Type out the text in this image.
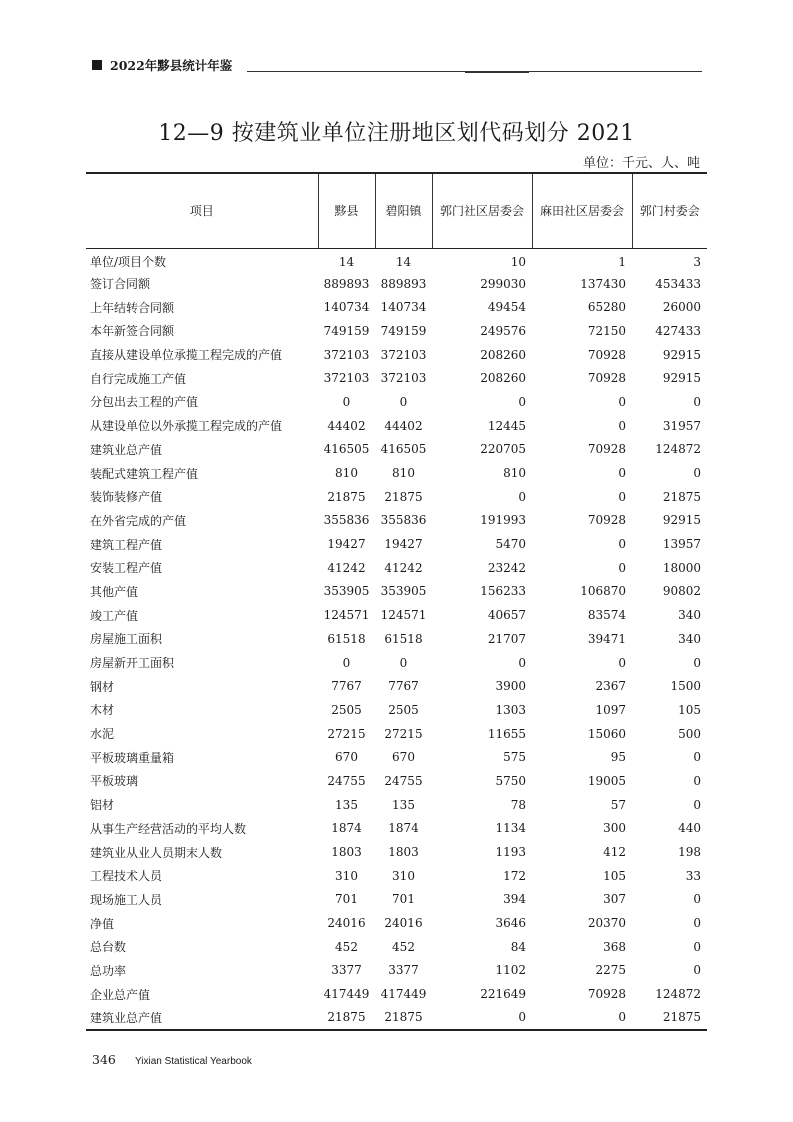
2022年黟县统计年鉴
12—9 按建筑业单位注册地区划代码划分 2021
单位：千元、人、吨
项目	黟县	碧阳镇	郭门社区居委会	麻田社区居委会	郭门村委会
单位/项目个数	14	14	10	1	3
签订合同额	889893	889893	299030	137430	453433
上年结转合同额	140734	140734	49454	65280	26000
本年新签合同额	749159	749159	249576	72150	427433
直接从建设单位承揽工程完成的产值	372103	372103	208260	70928	92915
自行完成施工产值	372103	372103	208260	70928	92915
分包出去工程的产值	0	0	0	0	0
从建设单位以外承揽工程完成的产值	44402	44402	12445	0	31957
建筑业总产值	416505	416505	220705	70928	124872
装配式建筑工程产值	810	810	810	0	0
装饰装修产值	21875	21875	0	0	21875
在外省完成的产值	355836	355836	191993	70928	92915
建筑工程产值	19427	19427	5470	0	13957
安装工程产值	41242	41242	23242	0	18000
其他产值	353905	353905	156233	106870	90802
竣工产值	124571	124571	40657	83574	340
房屋施工面积	61518	61518	21707	39471	340
房屋新开工面积	0	0	0	0	0
钢材	7767	7767	3900	2367	1500
木材	2505	2505	1303	1097	105
水泥	27215	27215	11655	15060	500
平板玻璃重量箱	670	670	575	95	0
平板玻璃	24755	24755	5750	19005	0
铝材	135	135	78	57	0
从事生产经营活动的平均人数	1874	1874	1134	300	440
建筑业从业人员期末人数	1803	1803	1193	412	198
工程技术人员	310	310	172	105	33
现场施工人员	701	701	394	307	0
净值	24016	24016	3646	20370	0
总台数	452	452	84	368	0
总功率	3377	3377	1102	2275	0
企业总产值	417449	417449	221649	70928	124872
建筑业总产值	21875	21875	0	0	21875
346 Yixian Statistical Yearbook
